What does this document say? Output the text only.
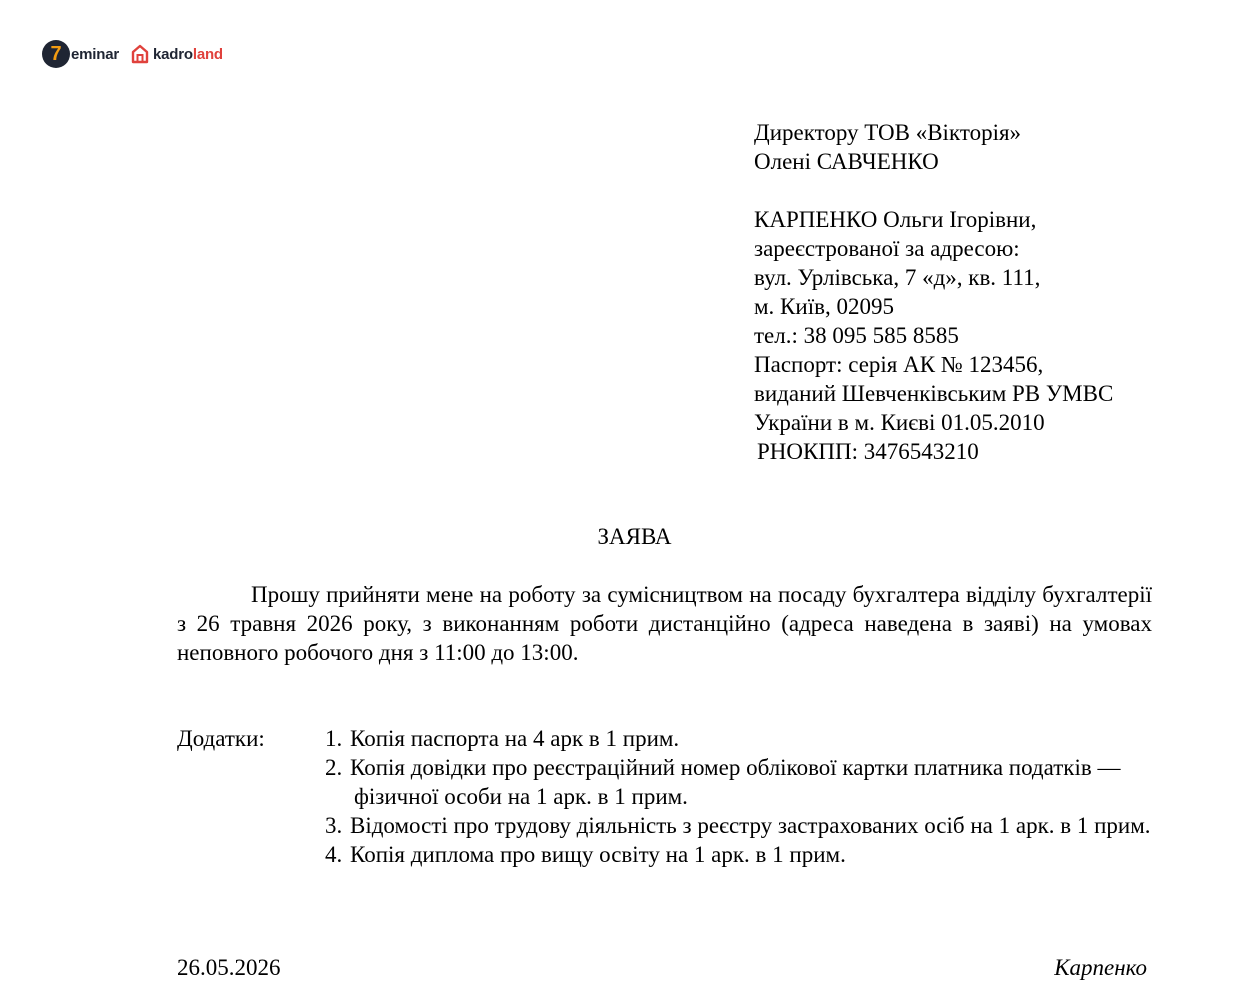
7 eminar kadroland
Директору ТОВ «Вікторія»
Олені САВЧЕНКО
КАРПЕНКО Ольги Ігорівни,
зареєстрованої за адресою:
вул. Урлівська, 7 «д», кв. 111,
м. Київ, 02095
тел.: 38 095 585 8585
Паспорт: серія АК № 123456,
виданий Шевченківським РВ УМВС
України в м. Києві 01.05.2010
РНОКПП: 3476543210
ЗАЯВА
Прошу прийняти мене на роботу за сумісництвом на посаду бухгалтера відділу бухгалтерії з 26 травня 2026 року, з виконанням роботи дистанційно (адреса наведена в заяві) на умовах неповного робочого дня з 11:00 до 13:00.
Додатки:	1. Копія паспорта на 4 арк в 1 прим.
2. Копія довідки про реєстраційний номер облікової картки платника податків — фізичної особи на 1 арк. в 1 прим.
3. Відомості про трудову діяльність з реєстру застрахованих осіб на 1 арк. в 1 прим.
4. Копія диплома про вищу освіту на 1 арк. в 1 прим.
26.05.2026	Карпенко
